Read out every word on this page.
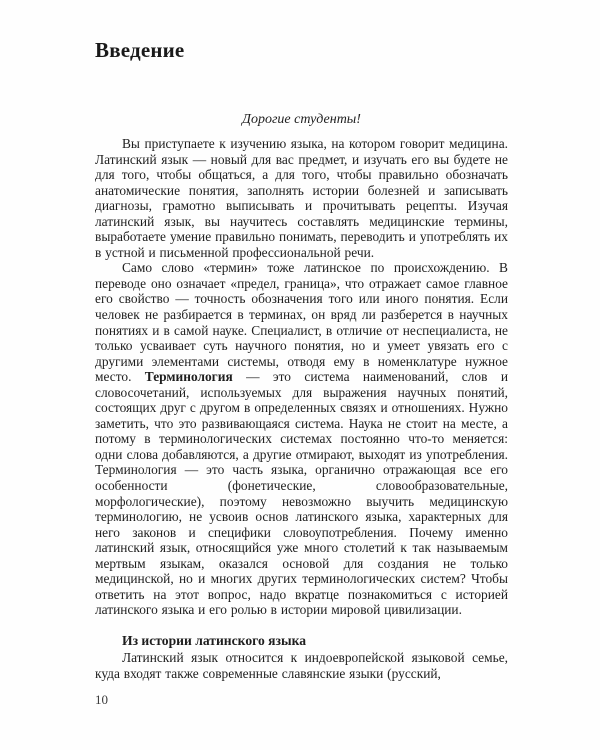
Введение
Дорогие студенты!

Вы приступаете к изучению языка, на котором говорит медицина. Латинский язык — новый для вас предмет, и изучать его вы будете не для того, чтобы общаться, а для того, чтобы правильно обозначать анатомические понятия, заполнять истории болезней и записывать диагнозы, грамотно выписывать и прочитывать рецепты. Изучая латинский язык, вы научитесь составлять медицинские термины, выработаете умение правильно понимать, переводить и употреблять их в устной и письменной профессиональной речи.

Само слово «термин» тоже латинское по происхождению. В переводе оно означает «предел, граница», что отражает самое главное его свойство — точность обозначения того или иного понятия. Если человек не разбирается в терминах, он вряд ли разберется в научных понятиях и в самой науке. Специалист, в отличие от неспециалиста, не только усваивает суть научного понятия, но и умеет увязать его с другими элементами системы, отводя ему в номенклатуре нужное место. Терминология — это система наименований, слов и словосочетаний, используемых для выражения научных понятий, состоящих друг с другом в определенных связях и отношениях. Нужно заметить, что это развивающаяся система. Наука не стоит на месте, а потому в терминологических системах постоянно что-то меняется: одни слова добавляются, а другие отмирают, выходят из употребления. Терминология — это часть языка, органично отражающая все его особенности (фонетические, словообразовательные, морфологические), поэтому невозможно выучить медицинскую терминологию, не усвоив основ латинского языка, характерных для него законов и специфики словоупотребления. Почему именно латинский язык, относящийся уже много столетий к так называемым мертвым языкам, оказался основой для создания не только медицинской, но и многих других терминологических систем? Чтобы ответить на этот вопрос, надо вкратце познакомиться с историей латинского языка и его ролью в истории мировой цивилизации.

Из истории латинского языка

Латинский язык относится к индоевропейской языковой семье, куда входят также современные славянские языки (русский,

10
